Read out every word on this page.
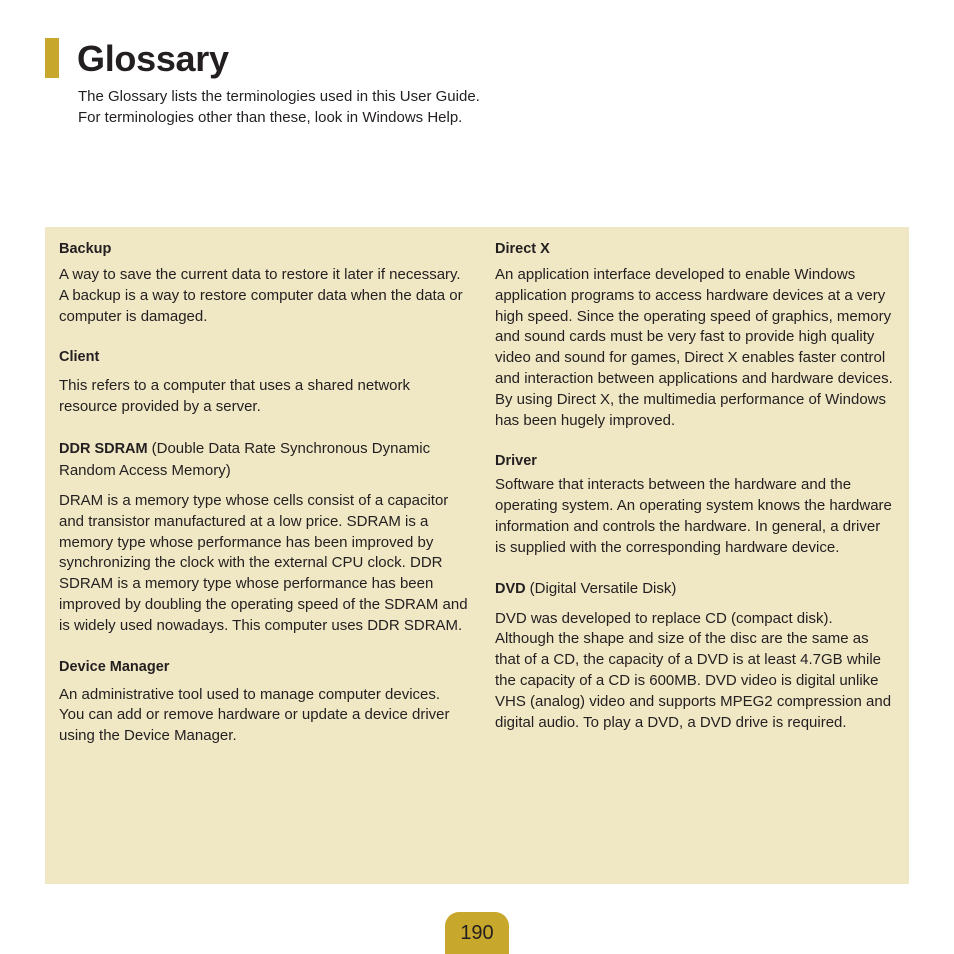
Glossary
The Glossary lists the terminologies used in this User Guide.
For terminologies other than these, look in Windows Help.
Backup
A way to save the current data to restore it later if necessary. A backup is a way to restore computer data when the data or computer is damaged.
Client
This refers to a computer that uses a shared network resource provided by a server.
DDR SDRAM (Double Data Rate Synchronous Dynamic Random Access Memory)
DRAM is a memory type whose cells consist of a capacitor and transistor manufactured at a low price. SDRAM is a memory type whose performance has been improved by synchronizing the clock with the external CPU clock. DDR SDRAM is a memory type whose performance has been improved by doubling the operating speed of the SDRAM and is widely used nowadays. This computer uses DDR SDRAM.
Device Manager
An administrative tool used to manage computer devices. You can add or remove hardware or update a device driver using the Device Manager.
Direct X
An application interface developed to enable Windows application programs to access hardware devices at a very high speed. Since the operating speed of graphics, memory and sound cards must be very fast to provide high quality video and sound for games, Direct X enables faster control and interaction between applications and hardware devices. By using Direct X, the multimedia performance of Windows has been hugely improved.
Driver
Software that interacts between the hardware and the operating system. An operating system knows the hardware information and controls the hardware. In general, a driver is supplied with the corresponding hardware device.
DVD (Digital Versatile Disk)
DVD was developed to replace CD (compact disk). Although the shape and size of the disc are the same as that of a CD, the capacity of a DVD is at least 4.7GB while the capacity of a CD is 600MB. DVD video is digital unlike VHS (analog) video and supports MPEG2 compression and digital audio. To play a DVD, a DVD drive is required.
190
